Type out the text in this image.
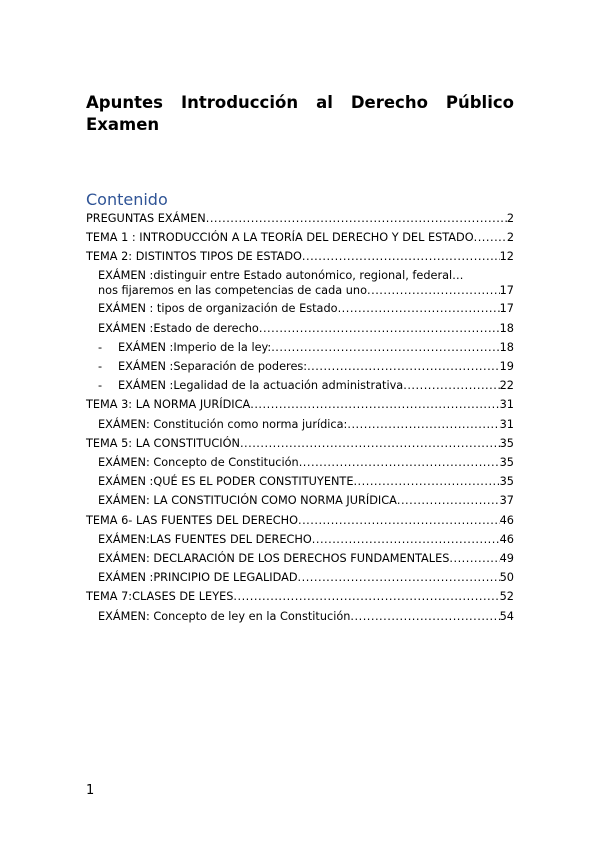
Apuntes Introducción al Derecho Público
Examen
Contenido
PREGUNTAS EXÁMEN .....	2
TEMA 1 : INTRODUCCIÓN A LA TEORÍA DEL DERECHO Y DEL ESTADO .....	2
TEMA 2: DISTINTOS TIPOS DE ESTADO .....	12
EXÁMEN :distinguir entre Estado autonómico, regional, federal…
nos fijaremos en las competencias de cada uno .....	17
EXÁMEN : tipos de organización de Estado .....	17
EXÁMEN :Estado de derecho .....	18
- EXÁMEN :Imperio de la ley: .....	18
- EXÁMEN :Separación de poderes: .....	19
- EXÁMEN :Legalidad de la actuación administrativa .....	22
TEMA 3: LA NORMA JURÍDICA .....	31
EXÁMEN: Constitución como norma jurídica: .....	31
TEMA 5: LA CONSTITUCIÓN .....	35
EXÁMEN: Concepto de Constitución .....	35
EXÁMEN :QUÉ ES EL PODER CONSTITUYENTE .....	35
EXÁMEN: LA CONSTITUCIÓN COMO NORMA JURÍDICA .....	37
TEMA 6- LAS FUENTES DEL DERECHO .....	46
EXÁMEN:LAS FUENTES DEL DERECHO .....	46
EXÁMEN: DECLARACIÓN DE LOS DERECHOS FUNDAMENTALES .....	49
EXÁMEN :PRINCIPIO DE LEGALIDAD .....	50
TEMA 7:CLASES DE LEYES .....	52
EXÁMEN: Concepto de ley en la Constitución .....	54
1
